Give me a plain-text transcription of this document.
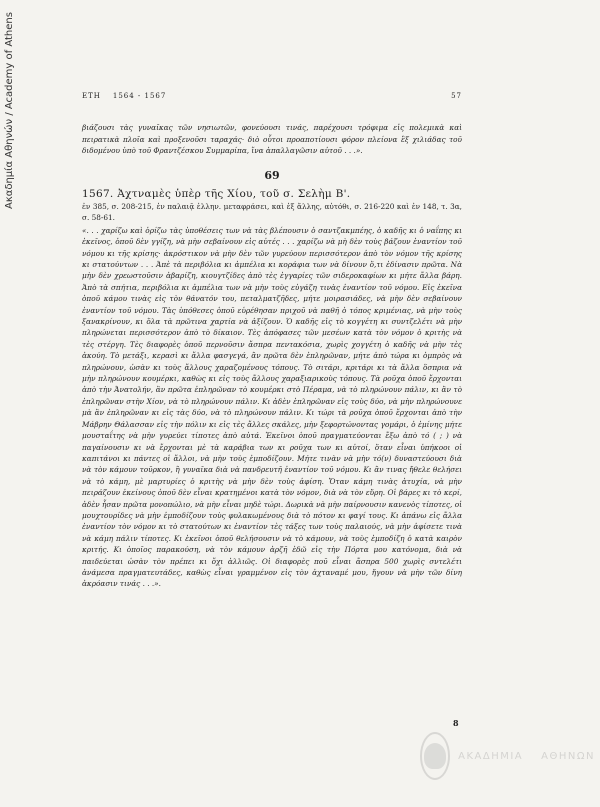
Ακαδημία Αθηνών / Academy of Athens	ΕΤΗ 1564 - 1567	57
βιάζουσι τὰς γυναῖκας τῶν νησιωτῶν, φονεύουσι τινάς, παρέχουσι τρόφιμα εἰς πολεμικὰ καὶ πειρατικὰ πλοῖα καὶ προξενοῦσι ταραχάς· διὸ οὗτοι προαποτίουσι φόρον πλείονα ἓξ χιλιάδας τοῦ διδομένου ὑπὸ τοῦ Φραντζέσκου Συμμαρίπα, ἵνα ἀπαλλαγῶσιν αὐτοῦ . . .».
69
1567. Ἀχτναμὲς ὑπὲρ τῆς Χίου, τοῦ σ. Σελὴμ Β'.
ἐν 385, σ. 208-215, ἐν παλαιᾷ ἑλλην. μεταφράσει, καὶ ἐξ ἄλλης, αὐτόθι, σ. 216-220 καὶ ἐν 148, τ. 3α, σ. 58-61.
«. . . χαρίζω καὶ ὁρίζω τὰς ὑποθέσεις των νὰ τὰς βλέπουσιν ὁ σαντζακμπέης, ὁ καδῆς κι ὁ ναΐπης κι ἐκεῖνος, ὁποῦ δὲν γγίζη, νὰ μὴν σεβαίνουν εἰς αὐτές . . . χαρίζω νὰ μὴ δὲν τοὺς βάζουν ἐναντίον τοῦ νόμου κι τῆς κρίσης· ἀκρόστικον νὰ μὴν δὲν τῶν γυρεύουν περισσότερον ἀπὸ τὸν νόμον τῆς κρίσης κι στατούντων . . . Ἀπὲ τὰ περιβόλια κι ἀμπέλια κι κοράφια των νὰ δίνουν ὅ,τι ἐδίνασιν πρῶτα. Νὰ μὴν δὲν χρεωστοῦσιν ἀβαρίζη, κιουγτζίδες ἀπὸ τὲς ἐγγαρίες τῶν σιδεροκαφίων κι μήτε ἄλλα βάρη. Ἀπὸ τὰ σπήτια, περιβόλια κι ἀμπέλια των νὰ μὴν τοὺς εὐγάζη τινὰς ἐναντίον τοῦ νόμου. Εἰς ἐκεῖνα ὁποῦ κάμου τινὰς εἰς τὸν θάνατόν του, πεταλματζῆδες, μήτε μοιρασιάδες, νὰ μὴν δὲν σεβαίνουν ἐναντίον τοῦ νόμου. Τὰς ὑπόθεσες ὁποῦ εὑρέθησαν πριχοῦ νὰ παθῆ ὁ τόπος κριμένιας, νὰ μὴν τοὺς ξανακρίνουν, κι ὅλα τὰ πρῶτινα χαρτία νὰ ἀξίζουν. Ὁ καδῆς εἰς τὸ κογγέτη κι συντζελέτι νὰ μὴν πληρώνεται περισσότερον ἀπὸ τὸ δίκαιον. Τὲς ἀπόφασες τῶν μεσέων κατὰ τὸν νόμον ὁ κριτὴς νὰ τὲς στέργη. Τὲς διαφορὲς ὁποῦ περνοῦσιν ἄσπρα πεντακόσια, χωρὶς χογγέτη ὁ καδῆς νὰ μὴν τὲς ἀκούη. Τὸ μετάξι, κερασὶ κι ἄλλα φασγεγά, ἂν πρῶτα δὲν ἐπληρῶναν, μήτε ἀπὸ τώρα κι ὀμπρὸς νὰ πληρώνουν, ὡσὰν κι τοὺς ἄλλους χαραζομένους τόπους. Τὸ σιτάρι, κριτάρι κι τὰ ἄλλα ὅσπρια νὰ μὴν πληρώνουν κουμέρκι, καθὼς κι εἰς τοὺς ἄλλους χαραξιαρικοὺς τόπους. Τὰ ροῦχα ὁποῦ ἔρχονται ἀπὸ τὴν Ἀνατολήν, ἂν πρῶτα ἐπληρῶναν τὸ κουμέρκι στὸ Πέραμα, νὰ τὸ πληρώνουν πάλιν, κι ἂν τὸ ἐπληρῶναν στὴν Χίον, νὰ τὸ πληρώνουν πάλιν. Κι ἀδὲν ἐπληρῶναν εἰς τοὺς δύο, νὰ μὴν πληρώνουνε μὰ ἂν ἐπληρῶναν κι εἰς τὰς δύο, νὰ τὸ πληρώνουν πάλιν. Κι τώρι τὰ ροῦχα ὁποῦ ἔρχονται ἀπὸ τὴν Μάβρην Θάλασσαν εἰς τὴν πόλιν κι εἰς τὲς ἄλλες σκάλες, μὴν ξεφορτώνοντας γομάρι, ὁ ἐμίνης μήτε μουσταΐτης νὰ μὴν γυρεύει τίποτες ἀπὸ αὐτά. Ἐκεῖνοι ὁποῦ πραγματεύονται ἔξω ἀπὸ τό ( ; ) νὰ παγαίνουσιν κι νὰ ἔρχονται μὲ τὰ καράβια των κι ροῦχα των κι αὐτοί, ὅταν εἶναι ὑπήκοοι οἱ καπιτάνοι κι πάντες οἱ ἄλλοι, νὰ μὴν τοὺς ἐμποδίζουν. Μήτε τινὰν νὰ μὴν τό(ν) δυναστεύουσι διὰ νὰ τὸν κάμουν τοῦρκον, ἢ γυναῖκα διὰ νὰ πανδρευτῆ ἐναντίον τοῦ νόμου. Κι ἂν τινας ἤθελε θελήσει νὰ τὸ κάμη, μὲ μαρτυρίες ὁ κριτὴς νὰ μὴν δὲν τοὺς ἀφίση. Ὅταν κάμη τινὰς ἀτυχία, νὰ μὴν πειράζουν ἐκείνους ὁποῦ δὲν εἶναι κρατημένοι κατὰ τὸν νόμον, διὰ νὰ τὸν εὔρη. Οἱ βάρες κι τὸ κερί, ἀδὲν ἦσαν πρῶτα μονοπώλιο, νὰ μὴν εἶναι μηδὲ τώρι. Δωρικὰ νὰ μὴν παίρνουσιν κανενὸς τίποτες, οἱ μουχτουρίδες νὰ μὴν ἐμποδίζουν τοὺς φυλακωμένους διὰ τὸ πότον κι φαγί τους. Κι ἀπάνω εἰς ἄλλα ἐναντίον τὸν νόμον κι τὸ στατούτων κι ἐναντίον τὲς τάξες των τοὺς παλαιούς, νὰ μὴν ἀφίσετε τινὰ νὰ κάμη πάλιν τίποτες. Κι ἐκεῖνοι ὁποῦ θελήσουσιν νὰ τὸ κάμουν, νὰ τοὺς ἐμποδίζη ὁ κατὰ καιρὸν κριτής. Κι ὁποῖος παρακούση, νὰ τὸν κάμουν ἀρζῆ ἐδῶ εἰς τὴν Πόρτα μου κατόνομα, διὰ νὰ παιδεύεται ὡσὰν τὸν πρέπει κι ὄχι ἀλλιῶς. Οἱ διαφορὲς ποῦ εἶναι ἄσπρα 500 χωρὶς σντελέτι ἀνάμεσα πραγματευτάδες, καθὼς εἶναι γραμμένον εἰς τὸν ἀχταναμέ μου, ἤγουν νὰ μὴν τῶν δίνη ἀκρόασιν τινάς . . .».
8
ΑΚΑΔΗΜΙΑ ΑΘΗΝΩΝ
